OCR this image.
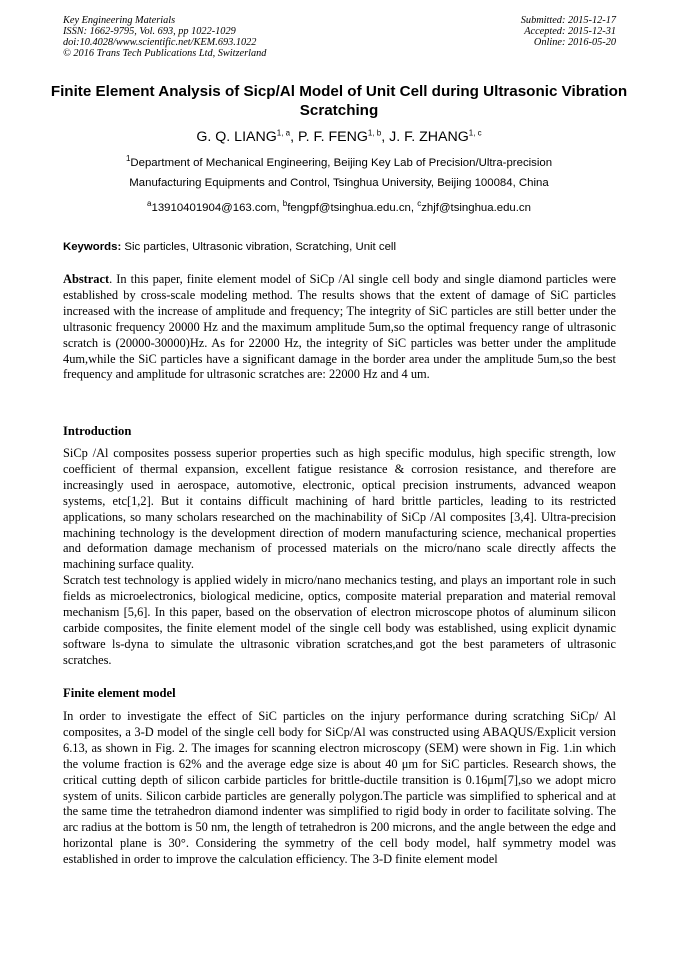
Key Engineering Materials
ISSN: 1662-9795, Vol. 693, pp 1022-1029
doi:10.4028/www.scientific.net/KEM.693.1022
© 2016 Trans Tech Publications Ltd, Switzerland
Submitted: 2015-12-17
Accepted: 2015-12-31
Online: 2016-05-20
Finite Element Analysis of Sicp/Al Model of Unit Cell during Ultrasonic Vibration Scratching
G. Q. LIANG$^{1, a}$, P. F. FENG$^{1, b}$, J. F. ZHANG$^{1, c}$
$^1$Department of Mechanical Engineering, Beijing Key Lab of Precision/Ultra-precision
Manufacturing Equipments and Control, Tsinghua University, Beijing 100084, China
$^a$13910401904@163.com, $^b$fengpf@tsinghua.edu.cn, $^c$zhjf@tsinghua.edu.cn
Keywords: Sic particles, Ultrasonic vibration, Scratching, Unit cell

Abstract. In this paper, finite element model of SiCp /Al single cell body and single diamond particles were established by cross-scale modeling method. The results shows that the extent of damage of SiC particles increased with the increase of amplitude and frequency; The integrity of SiC particles are still better under the ultrasonic frequency 20000 Hz and the maximum amplitude 5um,so the optimal frequency range of ultrasonic scratch is (20000-30000)Hz. As for 22000 Hz, the integrity of SiC particles was better under the amplitude 4um,while the SiC particles have a significant damage in the border area under the amplitude 5um,so the best frequency and amplitude for ultrasonic scratches are: 22000 Hz and 4 um.

Introduction

SiCp /Al composites possess superior properties such as high specific modulus, high specific strength, low coefficient of thermal expansion, excellent fatigue resistance & corrosion resistance, and therefore are increasingly used in aerospace, automotive, electronic, optical precision instruments, advanced weapon systems, etc[1,2]. But it contains difficult machining of hard brittle particles, leading to its restricted applications, so many scholars researched on the machinability of SiCp /Al composites [3,4]. Ultra-precision machining technology is the development direction of modern manufacturing science, mechanical properties and deformation damage mechanism of processed materials on the micro/nano scale directly affects the machining surface quality.

Scratch test technology is applied widely in micro/nano mechanics testing, and plays an important role in such fields as microelectronics, biological medicine, optics, composite material preparation and material removal mechanism [5,6]. In this paper, based on the observation of electron microscope photos of aluminum silicon carbide composites, the finite element model of the single cell body was established, using explicit dynamic software ls-dyna to simulate the ultrasonic vibration scratches,and got the best parameters of ultrasonic scratches.

Finite element model

In order to investigate the effect of SiC particles on the injury performance during scratching SiCp/ Al composites, a 3-D model of the single cell body for SiCp/Al was constructed using ABAQUS/Explicit version 6.13, as shown in Fig. 2. The images for scanning electron microscopy (SEM) were shown in Fig. 1.in which the volume fraction is 62% and the average edge size is about 40 μm for SiC particles. Research shows, the critical cutting depth of silicon carbide particles for brittle-ductile transition is 0.16μm[7],so we adopt micro system of units. Silicon carbide particles are generally polygon.The particle was simplified to spherical and at the same time the tetrahedron diamond indenter was simplified to rigid body in order to facilitate solving. The arc radius at the bottom is 50 nm, the length of tetrahedron is 200 microns, and the angle between the edge and horizontal plane is 30°. Considering the symmetry of the cell body model, half symmetry model was established in order to improve the calculation efficiency. The 3-D finite element model
